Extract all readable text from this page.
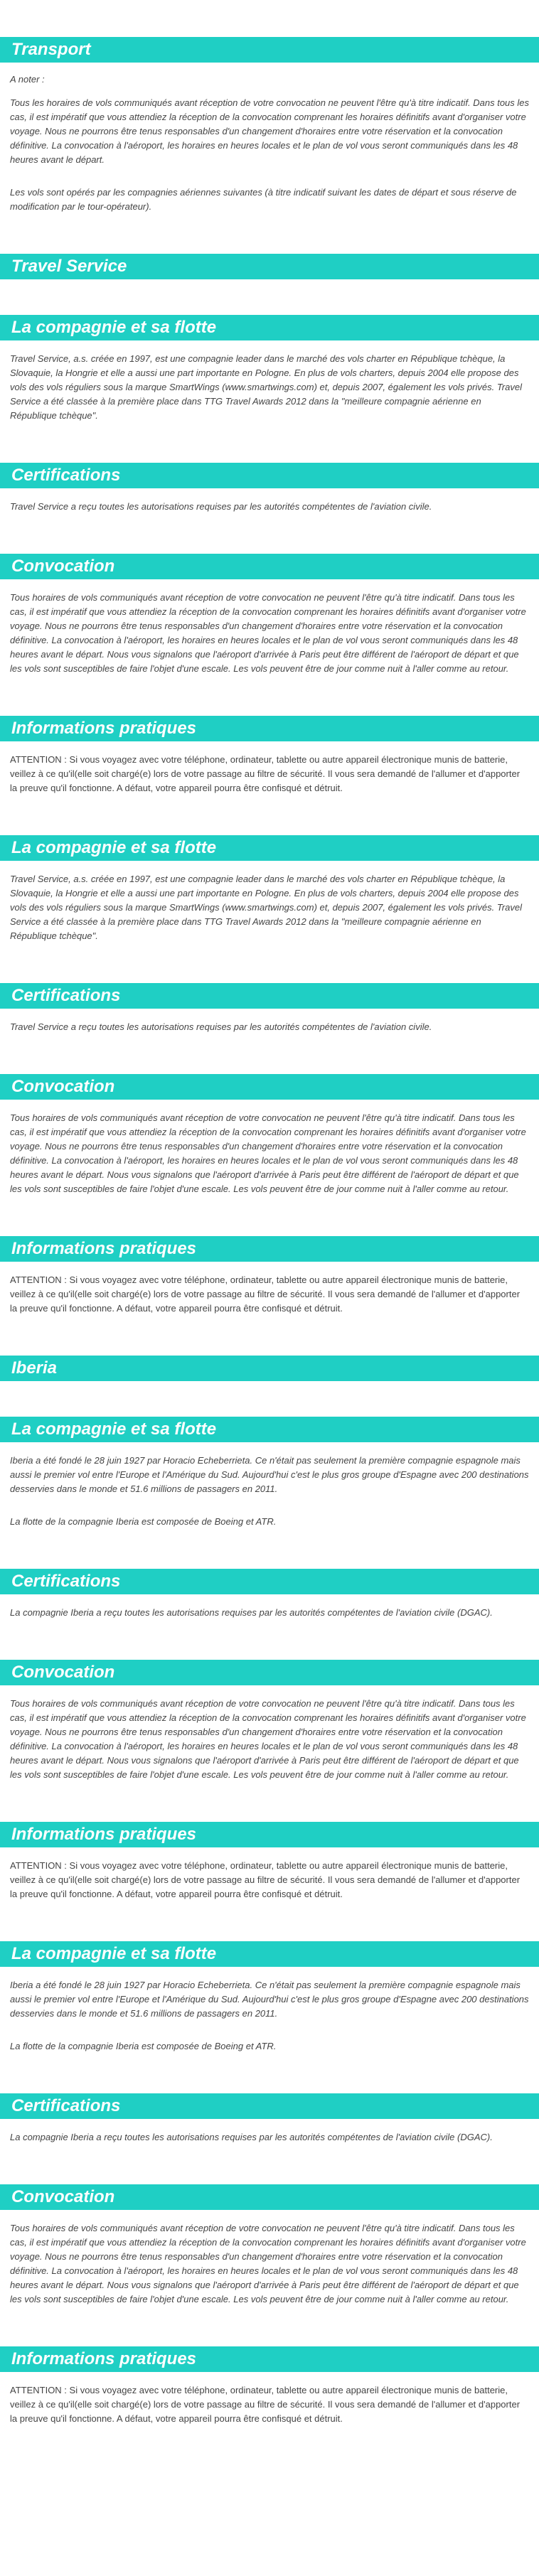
Transport

A noter :

Tous les horaires de vols communiqués avant réception de votre convocation ne peuvent l'être qu'à titre indicatif. Dans tous les cas, il est impératif que vous attendiez la réception de la convocation comprenant les horaires définitifs avant d'organiser votre voyage. Nous ne pourrons être tenus responsables d'un changement d'horaires entre votre réservation et la convocation définitive. La convocation à l'aéroport, les horaires en heures locales et le plan de vol vous seront communiqués dans les 48 heures avant le départ.

Les vols sont opérés par les compagnies aériennes suivantes (à titre indicatif suivant les dates de départ et sous réserve de modification par le tour-opérateur).

Travel Service
La compagnie et sa flotte

Travel Service, a.s. créée en 1997, est une compagnie leader dans le marché des vols charter en République tchèque, la Slovaquie, la Hongrie et elle a aussi une part importante en Pologne. En plus de vols charters, depuis 2004 elle propose des vols des vols réguliers sous la marque SmartWings (www.smartwings.com) et, depuis 2007, également les vols privés. Travel Service a été classée à la première place dans TTG Travel Awards 2012 dans la "meilleure compagnie aérienne en République tchèque".

Certifications

Travel Service a reçu toutes les autorisations requises par les autorités compétentes de l'aviation civile.

Convocation

Tous horaires de vols communiqués avant réception de votre convocation ne peuvent l'être qu'à titre indicatif. Dans tous les cas, il est impératif que vous attendiez la réception de la convocation comprenant les horaires définitifs avant d'organiser votre voyage. Nous ne pourrons être tenus responsables d'un changement d'horaires entre votre réservation et la convocation définitive. La convocation à l'aéroport, les horaires en heures locales et le plan de vol vous seront communiqués dans les 48 heures avant le départ. Nous vous signalons que l'aéroport d'arrivée à Paris peut être différent de l'aéroport de départ et que les vols sont susceptibles de faire l'objet d'une escale. Les vols peuvent être de jour comme nuit à l'aller comme au retour.

Informations pratiques

ATTENTION : Si vous voyagez avec votre téléphone, ordinateur, tablette ou autre appareil électronique munis de batterie, veillez à ce qu'il(elle soit chargé(e) lors de votre passage au filtre de sécurité. Il vous sera demandé de l'allumer et d'apporter la preuve qu'il fonctionne. A défaut, votre appareil pourra être confisqué et détruit.

La compagnie et sa flotte

Travel Service, a.s. créée en 1997, est une compagnie leader dans le marché des vols charter en République tchèque, la Slovaquie, la Hongrie et elle a aussi une part importante en Pologne. En plus de vols charters, depuis 2004 elle propose des vols des vols réguliers sous la marque SmartWings (www.smartwings.com) et, depuis 2007, également les vols privés. Travel Service a été classée à la première place dans TTG Travel Awards 2012 dans la "meilleure compagnie aérienne en République tchèque".

Certifications

Travel Service a reçu toutes les autorisations requises par les autorités compétentes de l'aviation civile.

Convocation

Tous horaires de vols communiqués avant réception de votre convocation ne peuvent l'être qu'à titre indicatif. Dans tous les cas, il est impératif que vous attendiez la réception de la convocation comprenant les horaires définitifs avant d'organiser votre voyage. Nous ne pourrons être tenus responsables d'un changement d'horaires entre votre réservation et la convocation définitive. La convocation à l'aéroport, les horaires en heures locales et le plan de vol vous seront communiqués dans les 48 heures avant le départ. Nous vous signalons que l'aéroport d'arrivée à Paris peut être différent de l'aéroport de départ et que les vols sont susceptibles de faire l'objet d'une escale. Les vols peuvent être de jour comme nuit à l'aller comme au retour.

Informations pratiques

ATTENTION : Si vous voyagez avec votre téléphone, ordinateur, tablette ou autre appareil électronique munis de batterie, veillez à ce qu'il(elle soit chargé(e) lors de votre passage au filtre de sécurité. Il vous sera demandé de l'allumer et d'apporter la preuve qu'il fonctionne. A défaut, votre appareil pourra être confisqué et détruit.

Iberia
La compagnie et sa flotte

Iberia a été fondé le 28 juin 1927 par Horacio Echeberrieta. Ce n'était pas seulement la première compagnie espagnole mais aussi le premier vol entre l'Europe et l'Amérique du Sud. Aujourd'hui c'est le plus gros groupe d'Espagne avec 200 destinations desservies dans le monde et 51.6 millions de passagers en 2011.

La flotte de la compagnie Iberia est composée de Boeing et ATR.

Certifications

La compagnie Iberia a reçu toutes les autorisations requises par les autorités compétentes de l'aviation civile (DGAC).

Convocation

Tous horaires de vols communiqués avant réception de votre convocation ne peuvent l'être qu'à titre indicatif. Dans tous les cas, il est impératif que vous attendiez la réception de la convocation comprenant les horaires définitifs avant d'organiser votre voyage. Nous ne pourrons être tenus responsables d'un changement d'horaires entre votre réservation et la convocation définitive. La convocation à l'aéroport, les horaires en heures locales et le plan de vol vous seront communiqués dans les 48 heures avant le départ. Nous vous signalons que l'aéroport d'arrivée à Paris peut être différent de l'aéroport de départ et que les vols sont susceptibles de faire l'objet d'une escale. Les vols peuvent être de jour comme nuit à l'aller comme au retour.

Informations pratiques

ATTENTION : Si vous voyagez avec votre téléphone, ordinateur, tablette ou autre appareil électronique munis de batterie, veillez à ce qu'il(elle soit chargé(e) lors de votre passage au filtre de sécurité. Il vous sera demandé de l'allumer et d'apporter la preuve qu'il fonctionne. A défaut, votre appareil pourra être confisqué et détruit.

La compagnie et sa flotte

Iberia a été fondé le 28 juin 1927 par Horacio Echeberrieta. Ce n'était pas seulement la première compagnie espagnole mais aussi le premier vol entre l'Europe et l'Amérique du Sud. Aujourd'hui c'est le plus gros groupe d'Espagne avec 200 destinations desservies dans le monde et 51.6 millions de passagers en 2011.

La flotte de la compagnie Iberia est composée de Boeing et ATR.

Certifications

La compagnie Iberia a reçu toutes les autorisations requises par les autorités compétentes de l'aviation civile (DGAC).

Convocation

Tous horaires de vols communiqués avant réception de votre convocation ne peuvent l'être qu'à titre indicatif. Dans tous les cas, il est impératif que vous attendiez la réception de la convocation comprenant les horaires définitifs avant d'organiser votre voyage. Nous ne pourrons être tenus responsables d'un changement d'horaires entre votre réservation et la convocation définitive. La convocation à l'aéroport, les horaires en heures locales et le plan de vol vous seront communiqués dans les 48 heures avant le départ. Nous vous signalons que l'aéroport d'arrivée à Paris peut être différent de l'aéroport de départ et que les vols sont susceptibles de faire l'objet d'une escale. Les vols peuvent être de jour comme nuit à l'aller comme au retour.

Informations pratiques

ATTENTION : Si vous voyagez avec votre téléphone, ordinateur, tablette ou autre appareil électronique munis de batterie, veillez à ce qu'il(elle soit chargé(e) lors de votre passage au filtre de sécurité. Il vous sera demandé de l'allumer et d'apporter la preuve qu'il fonctionne. A défaut, votre appareil pourra être confisqué et détruit.
